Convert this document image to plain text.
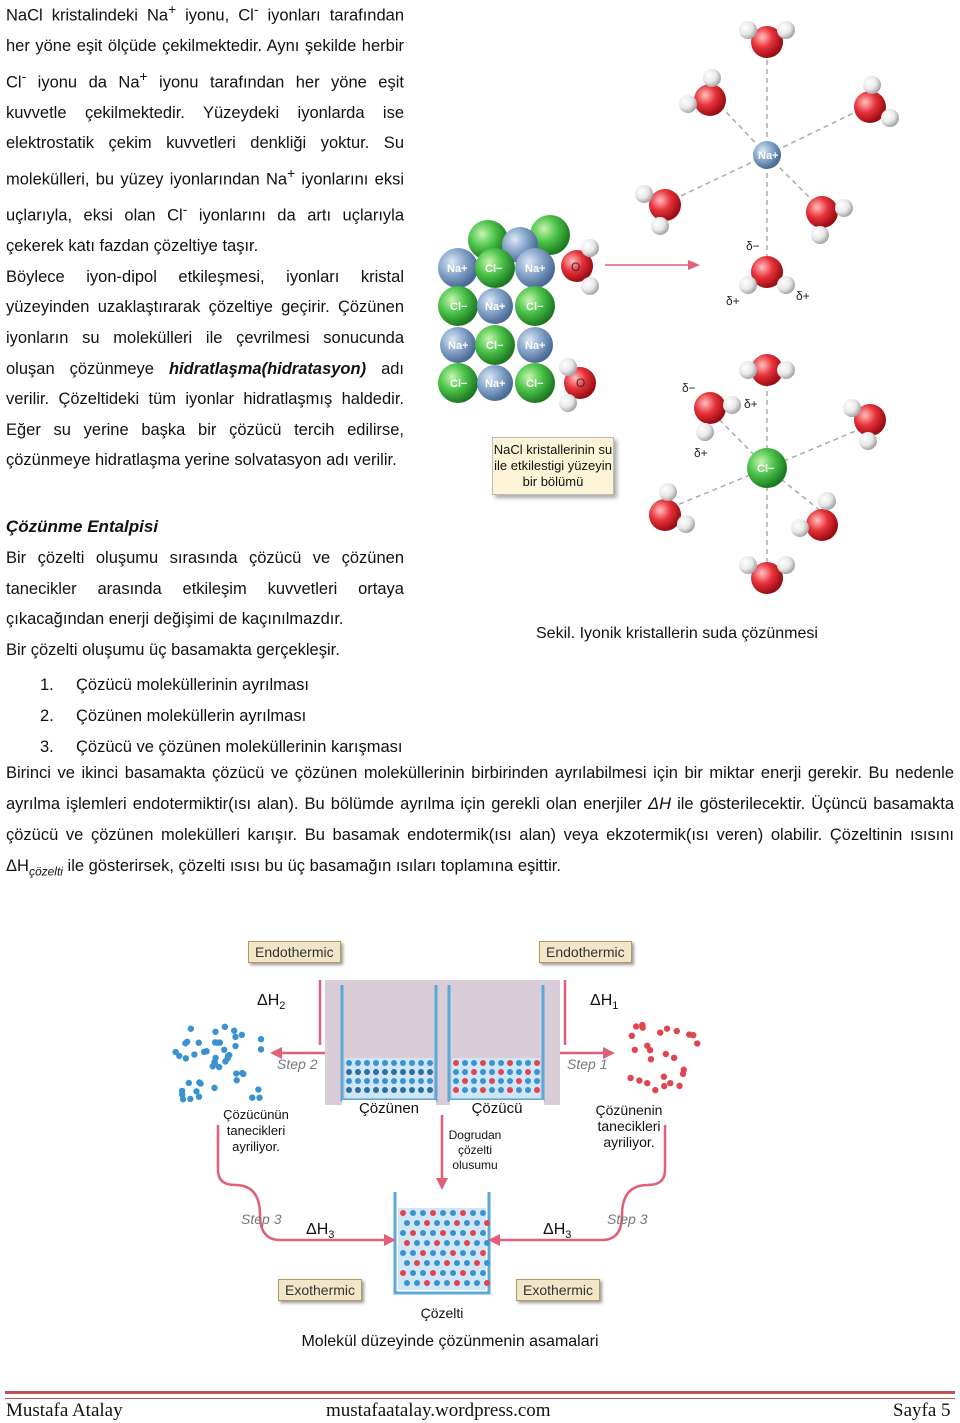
NaCl kristalindeki Na+ iyonu, Cl- iyonları tarafından her yöne eşit ölçüde çekilmektedir. Aynı şekilde herbir Cl- iyonu da Na+ iyonu tarafından her yöne eşit kuvvetle çekilmektedir. Yüzeydeki iyonlarda ise elektrostatik çekim kuvvetleri denkliği yoktur. Su molekülleri, bu yüzey iyonlarından Na+ iyonlarını eksi uçlarıyla, eksi olan Cl- iyonlarını da artı uçlarıyla çekerek katı fazdan çözeltiye taşır.

Böylece iyon-dipol etkileşmesi, iyonları kristal yüzeyinden uzaklaştırarak çözeltiye geçirir. Çözünen iyonların su molekülleri ile çevrilmesi sonucunda oluşan çözünmeye hidratlaşma(hidratasyon) adı verilir. Çözeltideki tüm iyonlar hidratlaşmış haldedir. Eğer su yerine başka bir çözücü tercih edilirse, çözünmeye hidratlaşma yerine solvatasyon adı verilir.

Na+ Cl− Na+
Cl− Na+ Cl−
Na+ Cl− Na+
Cl− Na+ Cl−
O
O
Na+
Cl−
δ−
δ+	δ+
δ−
δ+
δ+
NaCl kristallerinin su ile etkilestigi yüzeyin bir bölümü
Sekil. Iyonik kristallerin suda çözünmesi
Çözünme Entalpisi

Bir çözelti oluşumu sırasında çözücü ve çözünen tanecikler arasında etkileşim kuvvetleri ortaya çıkacağından enerji değişimi de kaçınılmazdır.

Bir çözelti oluşumu üç basamakta gerçekleşir.

1. Çözücü moleküllerinin ayrılması
2. Çözünen moleküllerin ayrılması
3. Çözücü ve çözünen moleküllerinin karışması
Birinci ve ikinci basamakta çözücü ve çözünen moleküllerinin birbirinden ayrılabilmesi için bir miktar enerji gerekir. Bu nedenle ayrılma işlemleri endotermiktir(ısı alan). Bu bölümde ayrılma için gerekli olan enerjiler ΔH ile gösterilecektir. Üçüncü basamakta çözücü ve çözünen molekülleri karışır. Bu basamak endotermik(ısı alan) veya ekzotermik(ısı veren) olabilir. Çözeltinin ısısını $\Delta H_{çözelti}$ ile gösterirsek, çözelti ısısı bu üç basamağın ısıları toplamına eşittir.
Endothermic	Endothermic
Exothermic	Exothermic
$\Delta H_2$	$\Delta H_1$
$\Delta H_3$	$\Delta H_3$
Step 2	Step 1
Step 3	Step 3
Çözünen	Çözücü
Çözücünün tanecikleri ayriliyor.
Çözünenin tanecikleri ayriliyor.
Dogrudan çözelti olusumu
Çözelti
Molekül düzeyinde çözünmenin asamalari
Mustafa Atalay	mustafaatalay.wordpress.com	Sayfa 5
